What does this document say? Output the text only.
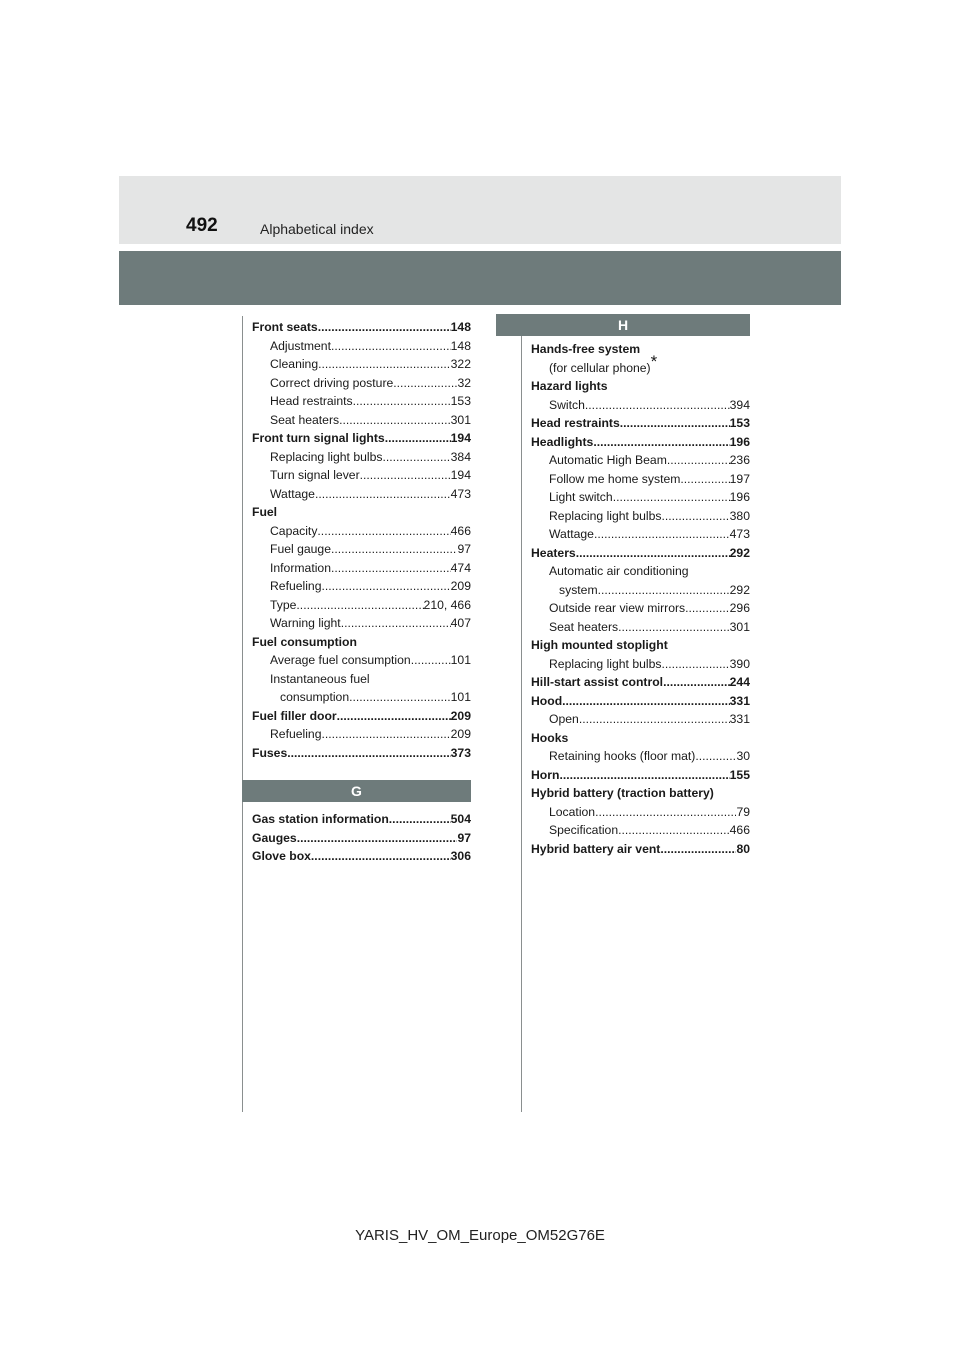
492	Alphabetical index
Front seats .....	148
Adjustment .....	148
Cleaning .....	322
Correct driving posture .....	32
Head restraints .....	153
Seat heaters .....	301
Front turn signal lights .....	194
Replacing light bulbs .....	384
Turn signal lever .....	194
Wattage .....	473
Fuel
Capacity .....	466
Fuel gauge .....	97
Information .....	474
Refueling .....	209
Type .....	210, 466
Warning light .....	407
Fuel consumption
Average fuel consumption .....	101
Instantaneous fuel
consumption .....	101
Fuel filler door .....	209
Refueling .....	209
Fuses .....	373
G
Gas station information .....	504
Gauges .....	97
Glove box .....	306
H
Hands-free system
(for cellular phone)*
Hazard lights
Switch .....	394
Head restraints .....	153
Headlights .....	196
Automatic High Beam .....	236
Follow me home system .....	197
Light switch .....	196
Replacing light bulbs .....	380
Wattage .....	473
Heaters .....	292
Automatic air conditioning
system .....	292
Outside rear view mirrors .....	296
Seat heaters .....	301
High mounted stoplight
Replacing light bulbs .....	390
Hill-start assist control .....	244
Hood .....	331
Open .....	331
Hooks
Retaining hooks (floor mat) .....	30
Horn .....	155
Hybrid battery (traction battery)
Location .....	79
Specification .....	466
Hybrid battery air vent .....	80
YARIS_HV_OM_Europe_OM52G76E
